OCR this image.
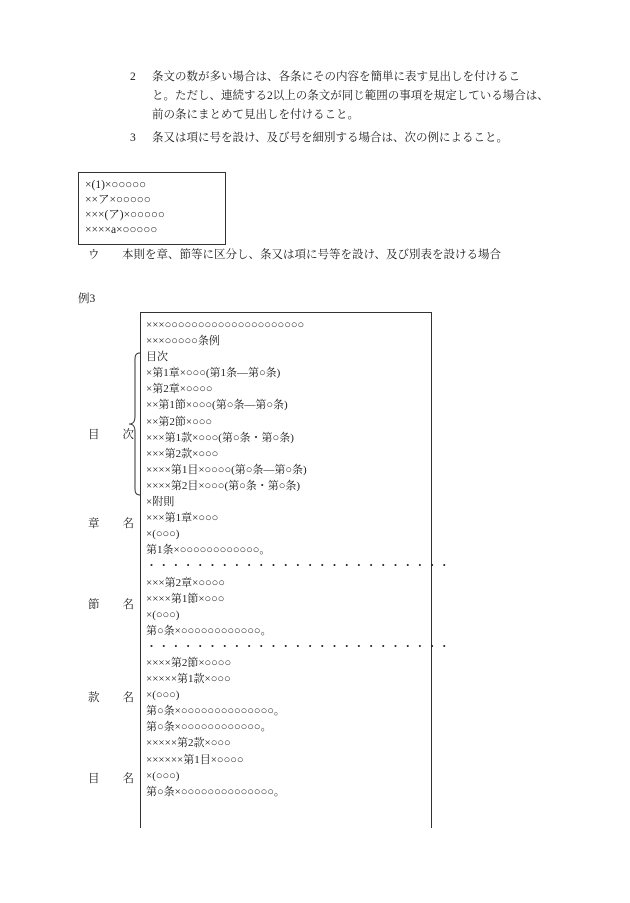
2	条文の数が多い場合は、各条にその内容を簡単に表す見出しを付けるこ
と。ただし、連続する2以上の条文が同じ範囲の事項を規定している場合は、
前の条にまとめて見出しを付けること。
3	条又は項に号を設け、及び号を細別する場合は、次の例によること。
×(1)×○○○○○
××ア×○○○○○
×××(ア)×○○○○○
××××a×○○○○○
ウ 本則を章、節等に区分し、条又は項に号等を設け、及び別表を設ける場合
例3
目　　次
章　　名
節　　名
款　　名
目　　名
×××○○○○○○○○○○○○○○○○○○○○○
×××○○○○○条例
目次
×第1章×○○○(第1条―第○条)
×第2章×○○○○
××第1節×○○○(第○条―第○条)
××第2節×○○○
×××第1款×○○○(第○条・第○条)
×××第2款×○○○
××××第1目×○○○○(第○条―第○条)
××××第2目×○○○(第○条・第○条)
×附則
×××第1章×○○○
×(○○○)
第1条×○○○○○○○○○○○○。
・・・・・・・・・・・・・・・・・・・・・・・・・
×××第2章×○○○○
××××第1節×○○○
×(○○○)
第○条×○○○○○○○○○○○○。
・・・・・・・・・・・・・・・・・・・・・・・・・
××××第2節×○○○○
×××××第1款×○○○
×(○○○)
第○条×○○○○○○○○○○○○○○。
第○条×○○○○○○○○○○○○。
×××××第2款×○○○
××××××第1目×○○○○
×(○○○)
第○条×○○○○○○○○○○○○○○。
